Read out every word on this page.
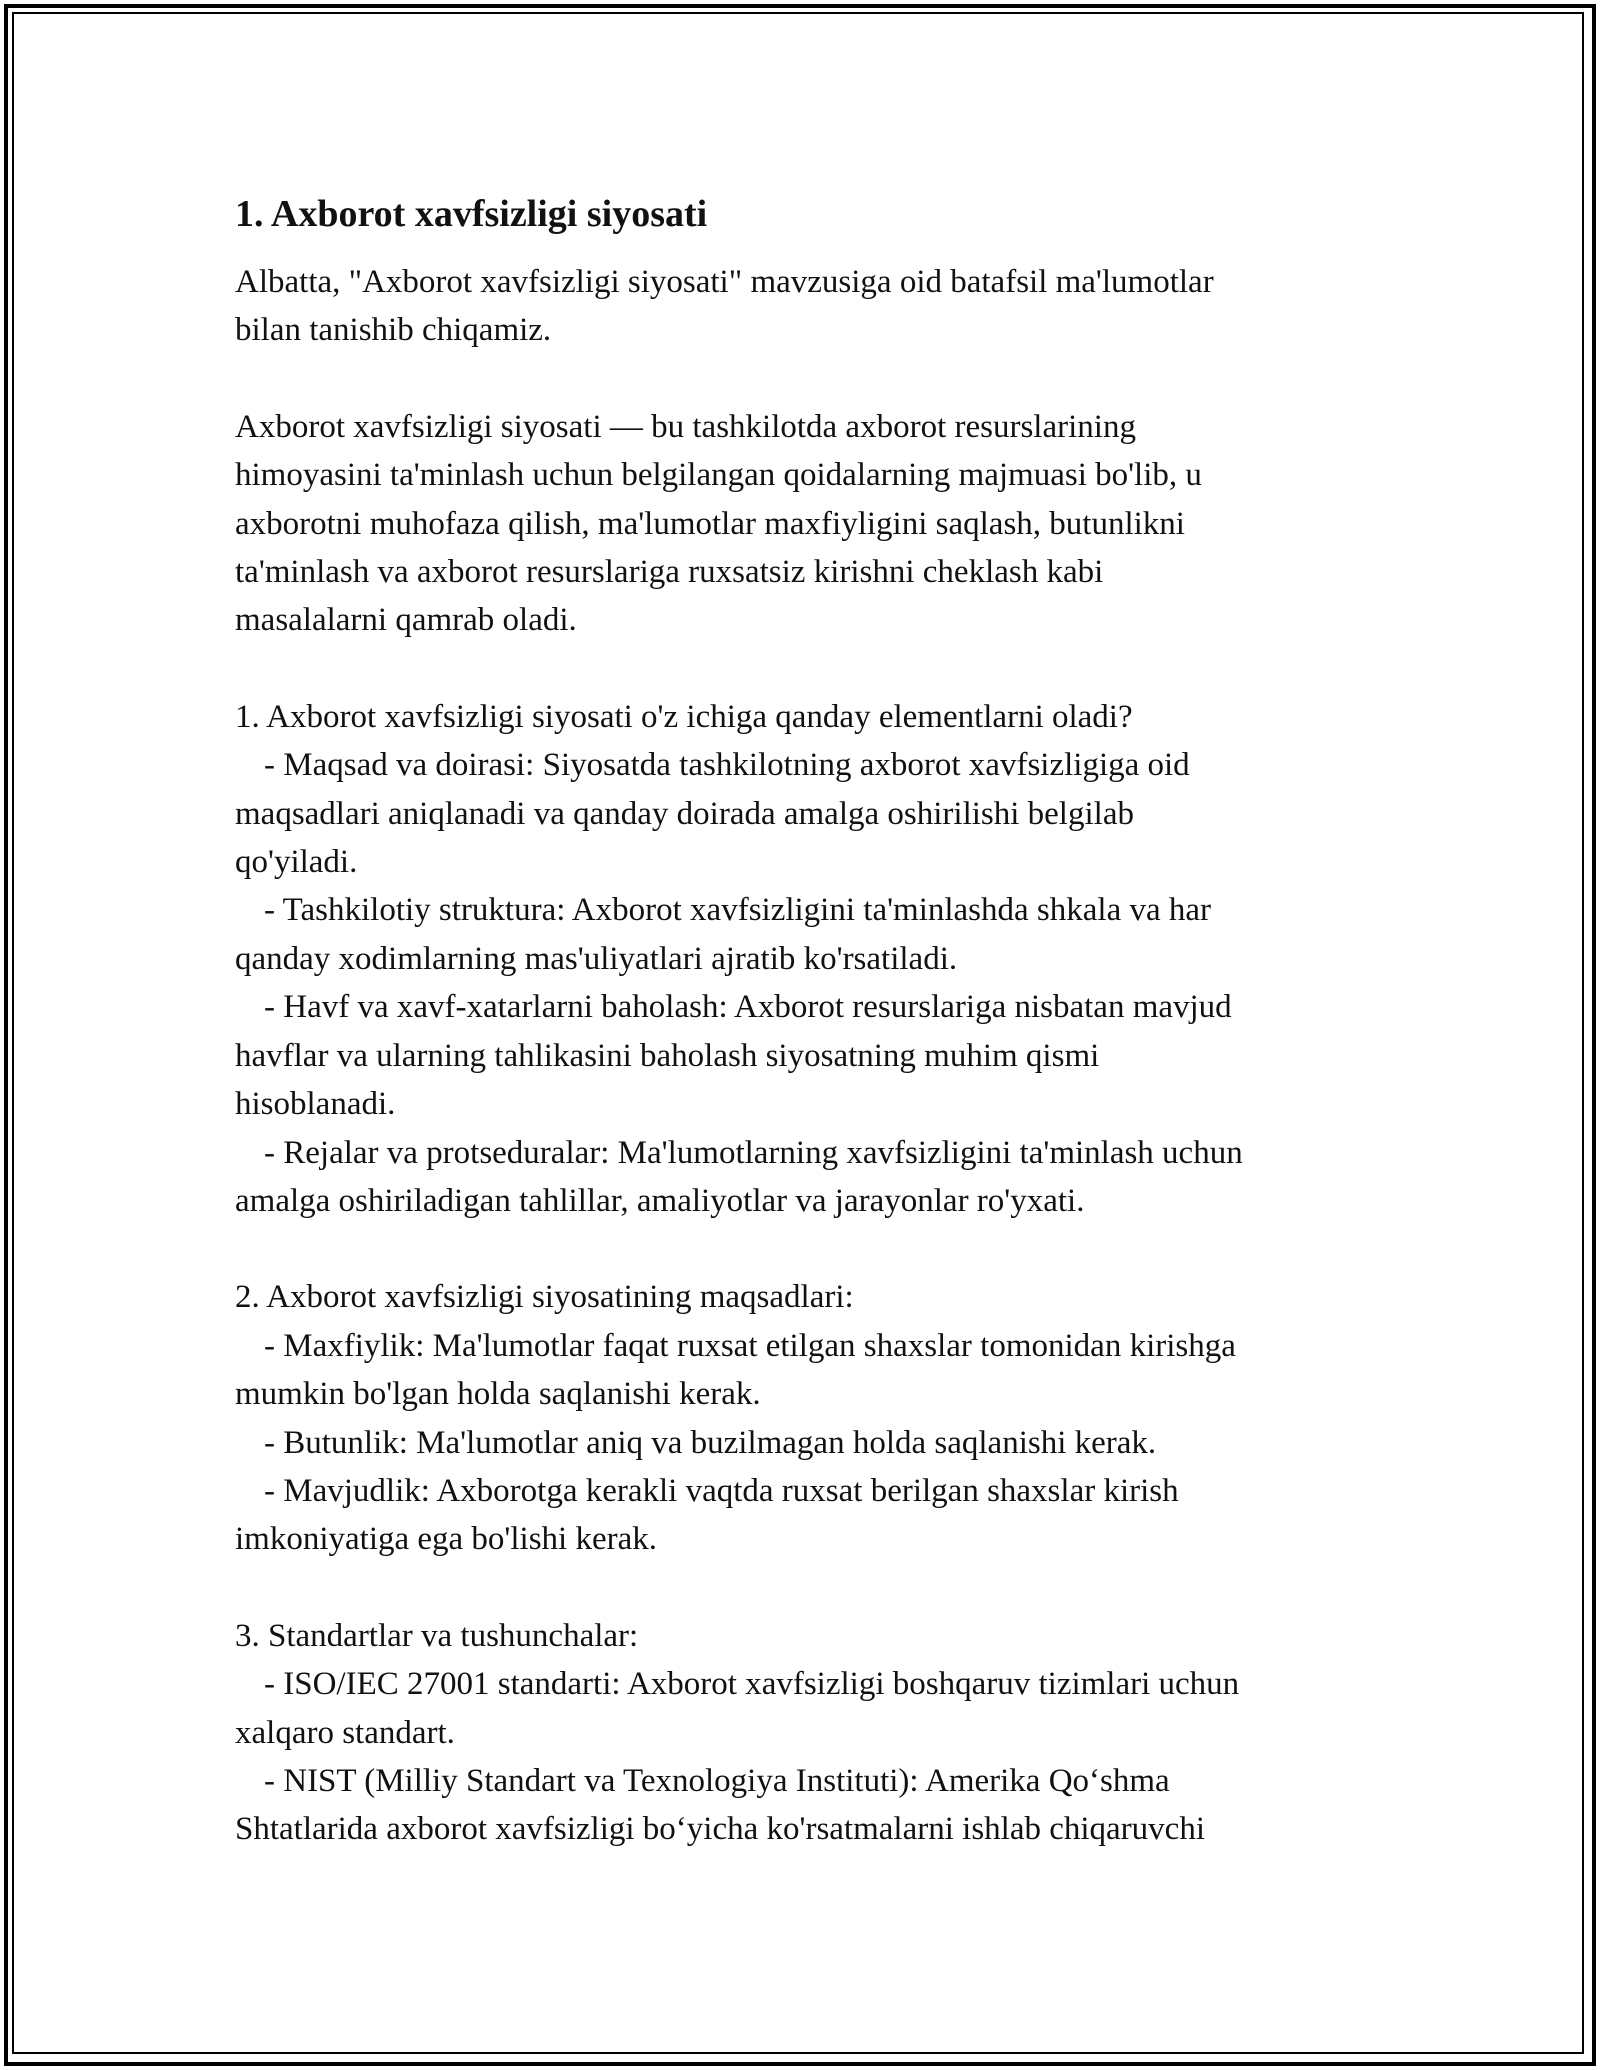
1. Axborot xavfsizligi siyosati

Albatta, "Axborot xavfsizligi siyosati" mavzusiga oid batafsil ma'lumotlar
bilan tanishib chiqamiz.

Axborot xavfsizligi siyosati — bu tashkilotda axborot resurslarining
himoyasini ta'minlash uchun belgilangan qoidalarning majmuasi bo'lib, u
axborotni muhofaza qilish, ma'lumotlar maxfiyligini saqlash, butunlikni
ta'minlash va axborot resurslariga ruxsatsiz kirishni cheklash kabi
masalalarni qamrab oladi.

1. Axborot xavfsizligi siyosati o'z ichiga qanday elementlarni oladi?

- Maqsad va doirasi: Siyosatda tashkilotning axborot xavfsizligiga oid
maqsadlari aniqlanadi va qanday doirada amalga oshirilishi belgilab
qo'yiladi.

- Tashkilotiy struktura: Axborot xavfsizligini ta'minlashda shkala va har
qanday xodimlarning mas'uliyatlari ajratib ko'rsatiladi.

- Havf va xavf-xatarlarni baholash: Axborot resurslariga nisbatan mavjud
havflar va ularning tahlikasini baholash siyosatning muhim qismi
hisoblanadi.

- Rejalar va protseduralar: Ma'lumotlarning xavfsizligini ta'minlash uchun
amalga oshiriladigan tahlillar, amaliyotlar va jarayonlar ro'yxati.

2. Axborot xavfsizligi siyosatining maqsadlari:

- Maxfiylik: Ma'lumotlar faqat ruxsat etilgan shaxslar tomonidan kirishga
mumkin bo'lgan holda saqlanishi kerak.

- Butunlik: Ma'lumotlar aniq va buzilmagan holda saqlanishi kerak.

- Mavjudlik: Axborotga kerakli vaqtda ruxsat berilgan shaxslar kirish
imkoniyatiga ega bo'lishi kerak.

3. Standartlar va tushunchalar:

- ISO/IEC 27001 standarti: Axborot xavfsizligi boshqaruv tizimlari uchun
xalqaro standart.

- NIST (Milliy Standart va Texnologiya Instituti): Amerika Qo‘shma
Shtatlarida axborot xavfsizligi bo‘yicha ko'rsatmalarni ishlab chiqaruvchi
